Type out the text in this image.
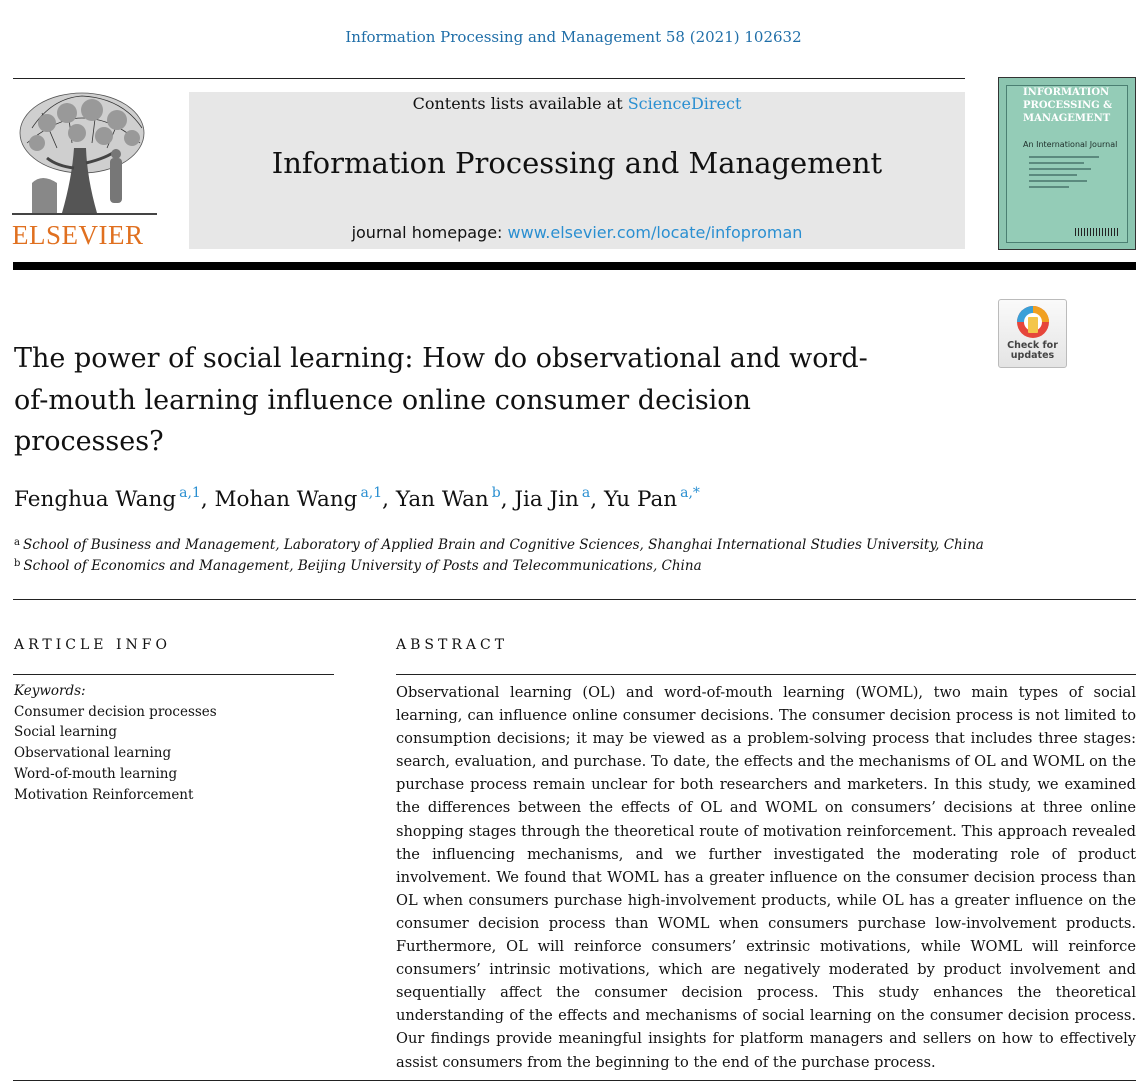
Information Processing and Management 58 (2021) 102632
ELSEVIER
Contents lists available at ScienceDirect
Information Processing and Management
journal homepage: www.elsevier.com/locate/infoproman
INFORMATION PROCESSING & MANAGEMENT
An International Journal
Check for updates
The power of social learning: How do observational and word-of-mouth learning influence online consumer decision processes?
Fenghua Wang $^{a,1}$, Mohan Wang $^{a,1}$, Yan Wan $^b$, Jia Jin $^a$, Yu Pan $^{a,*}$
$^a$ School of Business and Management, Laboratory of Applied Brain and Cognitive Sciences, Shanghai International Studies University, China
$^b$ School of Economics and Management, Beijing University of Posts and Telecommunications, China
ARTICLE INFO	ABSTRACT
Keywords:
Consumer decision processes
Social learning
Observational learning
Word-of-mouth learning
Motivation Reinforcement
Observational learning (OL) and word-of-mouth learning (WOML), two main types of social learning, can influence online consumer decisions. The consumer decision process is not limited to consumption decisions; it may be viewed as a problem-solving process that includes three stages: search, evaluation, and purchase. To date, the effects and the mechanisms of OL and WOML on the purchase process remain unclear for both researchers and marketers. In this study, we examined the differences between the effects of OL and WOML on consumers’ decisions at three online shopping stages through the theoretical route of motivation reinforcement. This approach revealed the influencing mechanisms, and we further investigated the moderating role of product involvement. We found that WOML has a greater influence on the consumer decision process than OL when consumers purchase high-involvement products, while OL has a greater influence on the consumer decision process than WOML when consumers purchase low-involvement products. Furthermore, OL will reinforce consumers’ extrinsic motivations, while WOML will reinforce consumers’ intrinsic motivations, which are negatively moderated by product involvement and sequentially affect the consumer decision process. This study enhances the theoretical understanding of the effects and mechanisms of social learning on the consumer decision process. Our findings provide meaningful insights for platform managers and sellers on how to effectively assist consumers from the beginning to the end of the purchase process.
